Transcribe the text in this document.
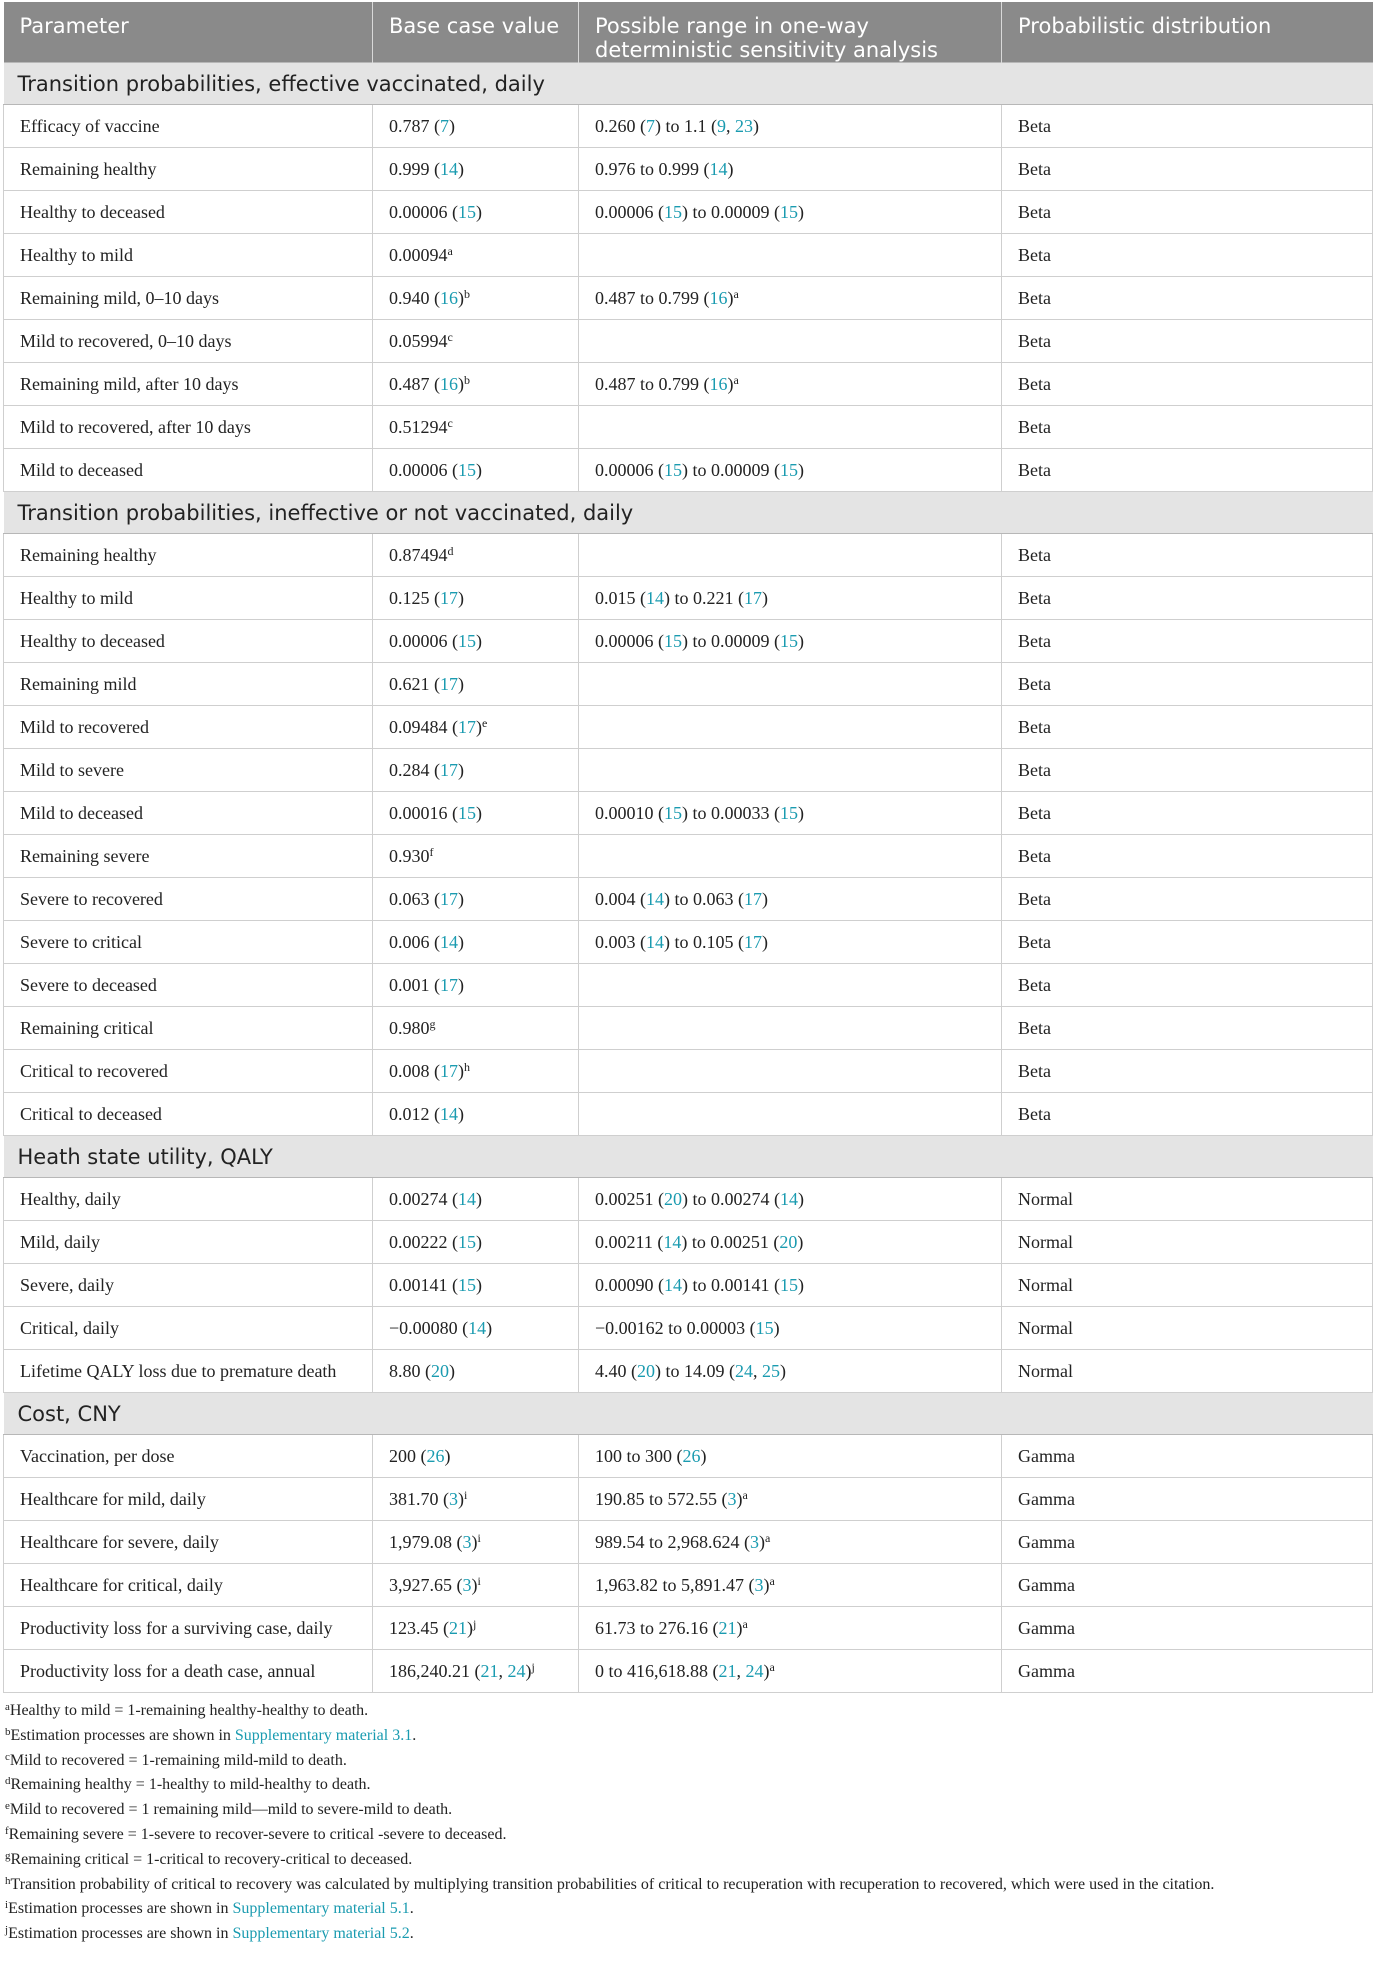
Parameter	Base case value	Possible range in one-way deterministic sensitivity analysis	Probabilistic distribution
Transition probabilities, effective vaccinated, daily			
Efficacy of vaccine	0.787 (7)	0.260 (7) to 1.1 (9, 23)	Beta
Remaining healthy	0.999 (14)	0.976 to 0.999 (14)	Beta
Healthy to deceased	0.00006 (15)	0.00006 (15) to 0.00009 (15)	Beta
Healthy to mild	0.00094$^a$		Beta
Remaining mild, 0–10 days	0.940 $(16)^b$	0.487 to 0.799 $(16)^a$	Beta
Mild to recovered, 0–10 days	0.05994$^c$		Beta
Remaining mild, after 10 days	0.487 $(16)^b$	0.487 to 0.799 $(16)^a$	Beta
Mild to recovered, after 10 days	0.51294$^c$		Beta
Mild to deceased	0.00006 (15)	0.00006 (15) to 0.00009 (15)	Beta
Transition probabilities, ineffective or not vaccinated, daily			
Remaining healthy	0.87494$^d$		Beta
Healthy to mild	0.125 (17)	0.015 (14) to 0.221 (17)	Beta
Healthy to deceased	0.00006 (15)	0.00006 (15) to 0.00009 (15)	Beta
Remaining mild	0.621 (17)		Beta
Mild to recovered	0.09484 $(17)^e$		Beta
Mild to severe	0.284 (17)		Beta
Mild to deceased	0.00016 (15)	0.00010 (15) to 0.00033 (15)	Beta
Remaining severe	0.930$^f$		Beta
Severe to recovered	0.063 (17)	0.004 (14) to 0.063 (17)	Beta
Severe to critical	0.006 (14)	0.003 (14) to 0.105 (17)	Beta
Severe to deceased	0.001 (17)		Beta
Remaining critical	0.980$^g$		Beta
Critical to recovered	0.008 $(17)^h$		Beta
Critical to deceased	0.012 (14)		Beta
Heath state utility, QALY			
Healthy, daily	0.00274 (14)	0.00251 (20) to 0.00274 (14)	Normal
Mild, daily	0.00222 (15)	0.00211 (14) to 0.00251 (20)	Normal
Severe, daily	0.00141 (15)	0.00090 (14) to 0.00141 (15)	Normal
Critical, daily	−0.00080 (14)	−0.00162 to 0.00003 (15)	Normal
Lifetime QALY loss due to premature death	8.80 (20)	4.40 (20) to 14.09 (24, 25)	Normal
Cost, CNY			
Vaccination, per dose	200 (26)	100 to 300 (26)	Gamma
Healthcare for mild, daily	381.70 $(3)^i$	190.85 to 572.55 $(3)^a$	Gamma
Healthcare for severe, daily	1,979.08 $(3)^i$	989.54 to 2,968.624 $(3)^a$	Gamma
Healthcare for critical, daily	3,927.65 $(3)^i$	1,963.82 to 5,891.47 $(3)^a$	Gamma
Productivity loss for a surviving case, daily	123.45 $(21)^j$	61.73 to 276.16 $(21)^a$	Gamma
Productivity loss for a death case, annual	186,240.21 (21, 24)$^j$	0 to 416,618.88 (21, 24)$^a$	Gamma
$^a$Healthy to mild = 1-remaining healthy-healthy to death.
$^b$Estimation processes are shown in Supplementary material 3.1.
$^c$Mild to recovered = 1-remaining mild-mild to death.
$^d$Remaining healthy = 1-healthy to mild-healthy to death.
$^e$Mild to recovered = 1 remaining mild—mild to severe-mild to death.
$^f$Remaining severe = 1-severe to recover-severe to critical -severe to deceased.
$^g$Remaining critical = 1-critical to recovery-critical to deceased.
$^h$Transition probability of critical to recovery was calculated by multiplying transition probabilities of critical to recuperation with recuperation to recovered, which were used in the citation.
$^i$Estimation processes are shown in Supplementary material 5.1.
$^j$Estimation processes are shown in Supplementary material 5.2.
